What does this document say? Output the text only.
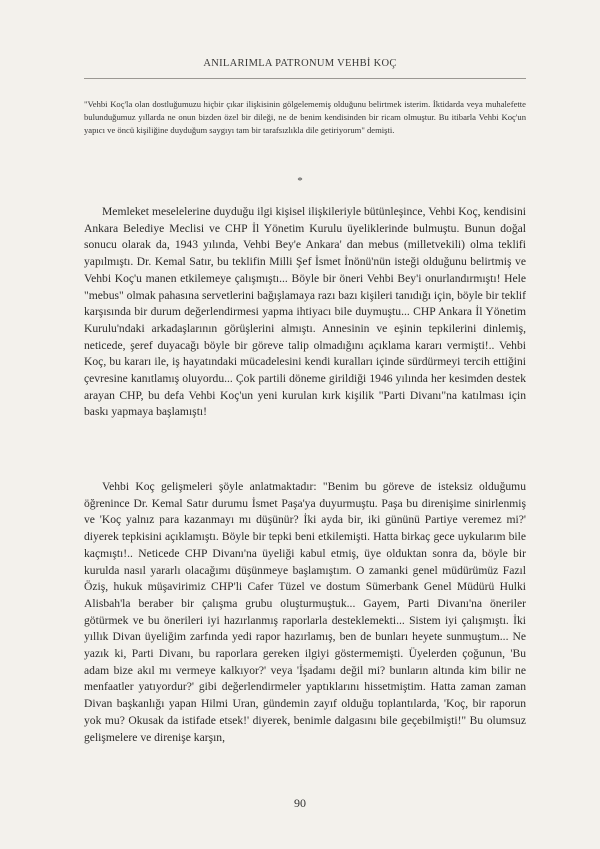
ANILARIMLA PATRONUM VEHBİ KOÇ
"Vehbi Koç'la olan dostluğumuzu hiçbir çıkar ilişkisinin gölgelememiş olduğunu belirtmek isterim. İktidarda veya muhalefette bulunduğumuz yıllarda ne onun bizden özel bir dileği, ne de benim kendisinden bir ricam olmuştur. Bu itibarla Vehbi Koç'un yapıcı ve öncü kişiliğine duyduğum saygıyı tam bir tarafsızlıkla dile getiriyorum" demişti.
*
Memleket meselelerine duyduğu ilgi kişisel ilişkileriyle bütünleşince, Vehbi Koç, kendisini Ankara Belediye Meclisi ve CHP İl Yönetim Kurulu üyeliklerinde bulmuştu. Bunun doğal sonucu olarak da, 1943 yılında, Vehbi Bey'e Ankara' dan mebus (milletvekili) olma teklifi yapılmıştı. Dr. Kemal Satır, bu teklifin Milli Şef İsmet İnönü'nün isteği olduğunu belirtmiş ve Vehbi Koç'u manen etkilemeye çalışmıştı... Böyle bir öneri Vehbi Bey'i onurlandırmıştı! Hele "mebus" olmak pahasına servetlerini bağışlamaya razı bazı kişileri tanıdığı için, böyle bir teklif karşısında bir durum değerlendirmesi yapma ihtiyacı bile duymuştu... CHP Ankara İl Yönetim Kurulu'ndaki arkadaşlarının görüşlerini almıştı. Annesinin ve eşinin tepkilerini dinlemiş, neticede, şeref duyacağı böyle bir göreve talip olmadığını açıklama kararı vermişti!.. Vehbi Koç, bu kararı ile, iş hayatındaki mücadelesini kendi kuralları içinde sürdürmeyi tercih ettiğini çevresine kanıtlamış oluyordu... Çok partili döneme girildiği 1946 yılında her kesimden destek arayan CHP, bu defa Vehbi Koç'un yeni kurulan kırk kişilik "Parti Divanı"na katılması için baskı yapmaya başlamıştı!
Vehbi Koç gelişmeleri şöyle anlatmaktadır: "Benim bu göreve de isteksiz olduğumu öğrenince Dr. Kemal Satır durumu İsmet Paşa'ya duyurmuştu. Paşa bu direnişime sinirlenmiş ve 'Koç yalnız para kazanmayı mı düşünür? İki ayda bir, iki gününü Partiye veremez mi?' diyerek tepkisini açıklamıştı. Böyle bir tepki beni etkilemişti. Hatta birkaç gece uykularım bile kaçmıştı!.. Neticede CHP Divanı'na üyeliği kabul etmiş, üye olduktan sonra da, böyle bir kurulda nasıl yararlı olacağımı düşünmeye başlamıştım. O zamanki genel müdürümüz Fazıl Öziş, hukuk müşavirimiz CHP'li Cafer Tüzel ve dostum Sümerbank Genel Müdürü Hulki Alisbah'la beraber bir çalışma grubu oluşturmuştuk... Gayem, Parti Divanı'na öneriler götürmek ve bu önerileri iyi hazırlanmış raporlarla desteklemekti... Sistem iyi çalışmıştı. İki yıllık Divan üyeliğim zarfında yedi rapor hazırlamış, ben de bunları heyete sunmuştum... Ne yazık ki, Parti Divanı, bu raporlara gereken ilgiyi göstermemişti. Üyelerden çoğunun, 'Bu adam bize akıl mı vermeye kalkıyor?' veya 'İşadamı değil mi? bunların altında kim bilir ne menfaatler yatıyordur?' gibi değerlendirmeler yaptıklarını hissetmiştim. Hatta zaman zaman Divan başkanlığı yapan Hilmi Uran, gündemin zayıf olduğu toplantılarda, 'Koç, bir raporun yok mu? Okusak da istifade etsek!' diyerek, benimle dalgasını bile geçebilmişti!" Bu olumsuz gelişmelere ve direnişe karşın,
90
